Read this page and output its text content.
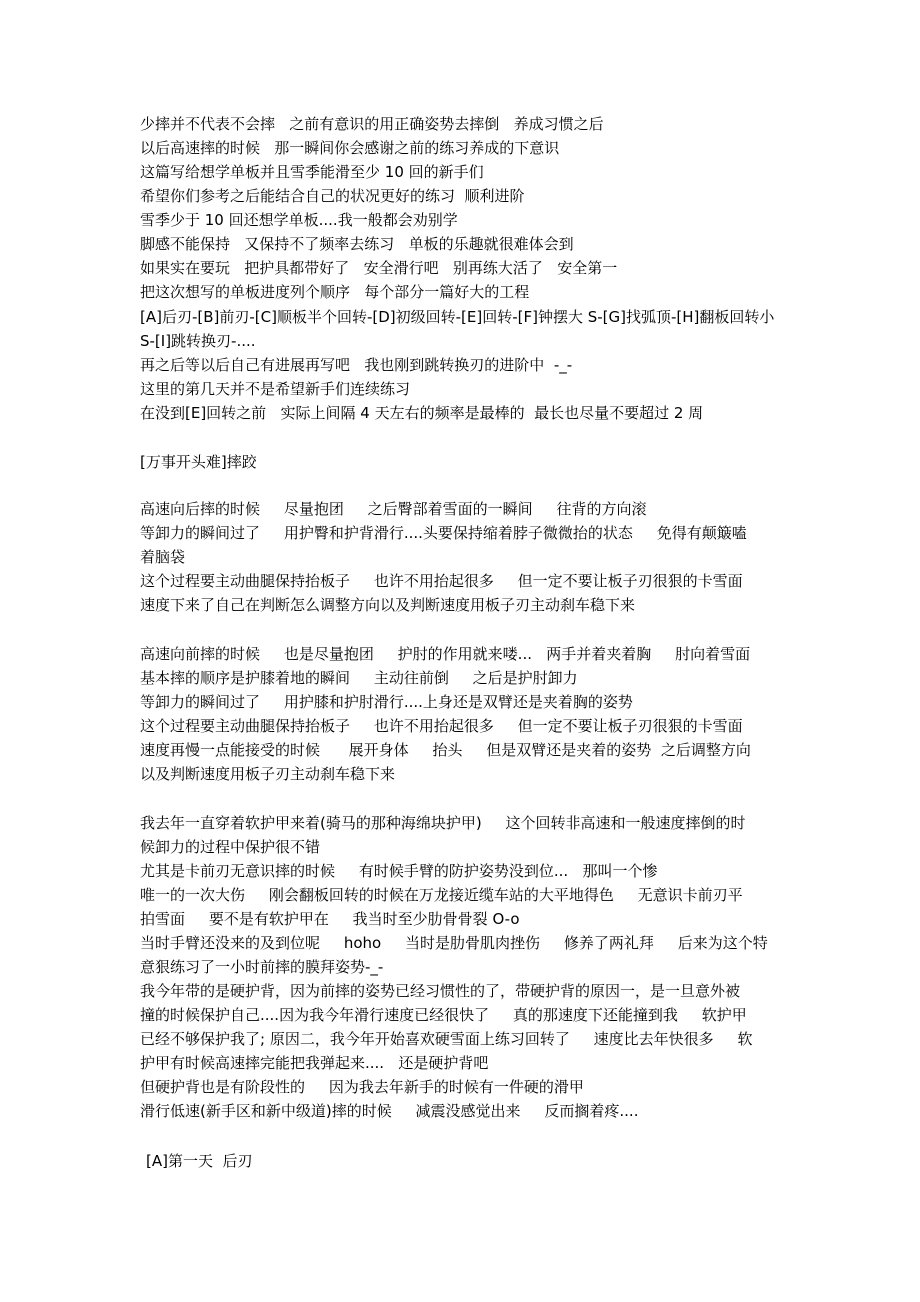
少摔并不代表不会摔   之前有意识的用正确姿势去摔倒   养成习惯之后
以后高速摔的时候   那一瞬间你会感谢之前的练习养成的下意识
这篇写给想学单板并且雪季能滑至少 10 回的新手们
希望你们参考之后能结合自己的状况更好的练习  顺利进阶
雪季少于 10 回还想学单板....我一般都会劝别学
脚感不能保持   又保持不了频率去练习   单板的乐趣就很难体会到
如果实在要玩   把护具都带好了   安全滑行吧   别再练大活了   安全第一
把这次想写的单板进度列个顺序   每个部分一篇好大的工程
[A]后刃-[B]前刃-[C]顺板半个回转-[D]初级回转-[E]回转-[F]钟摆大 S-[G]找弧顶-[H]翻板回转小
S-[I]跳转换刃-....
再之后等以后自己有进展再写吧   我也刚到跳转换刃的进阶中  -_-
这里的第几天并不是希望新手们连续练习
在没到[E]回转之前   实际上间隔 4 天左右的频率是最棒的  最长也尽量不要超过 2 周
[万事开头难]摔跤
高速向后摔的时候     尽量抱团     之后臀部着雪面的一瞬间     往背的方向滚
等卸力的瞬间过了     用护臀和护背滑行....头要保持缩着脖子微微抬的状态     免得有颠簸嗑
着脑袋
这个过程要主动曲腿保持抬板子     也许不用抬起很多     但一定不要让板子刃很狠的卡雪面
速度下来了自己在判断怎么调整方向以及判断速度用板子刃主动刹车稳下来
高速向前摔的时候     也是尽量抱团     护肘的作用就来喽...   两手并着夹着胸     肘向着雪面
基本摔的顺序是护膝着地的瞬间     主动往前倒     之后是护肘卸力
等卸力的瞬间过了     用护膝和护肘滑行....上身还是双臂还是夹着胸的姿势
这个过程要主动曲腿保持抬板子     也许不用抬起很多     但一定不要让板子刃很狠的卡雪面
速度再慢一点能接受的时候      展开身体     抬头     但是双臂还是夹着的姿势  之后调整方向
以及判断速度用板子刃主动刹车稳下来
我去年一直穿着软护甲来着(骑马的那种海绵块护甲)     这个回转非高速和一般速度摔倒的时
候卸力的过程中保护很不错
尤其是卡前刃无意识摔的时候     有时候手臂的防护姿势没到位...   那叫一个惨
唯一的一次大伤     刚会翻板回转的时候在万龙接近缆车站的大平地得色     无意识卡前刃平
拍雪面     要不是有软护甲在     我当时至少肋骨骨裂 O-o
当时手臂还没来的及到位呢     hoho     当时是肋骨肌肉挫伤     修养了两礼拜     后来为这个特
意狠练习了一小时前摔的膜拜姿势-_-
我今年带的是硬护背，因为前摔的姿势已经习惯性的了，带硬护背的原因一，是一旦意外被
撞的时候保护自己....因为我今年滑行速度已经很快了     真的那速度下还能撞到我     软护甲
已经不够保护我了; 原因二，我今年开始喜欢硬雪面上练习回转了     速度比去年快很多     软
护甲有时候高速摔完能把我弹起来....   还是硬护背吧
但硬护背也是有阶段性的     因为我去年新手的时候有一件硬的滑甲
滑行低速(新手区和新中级道)摔的时候     减震没感觉出来     反而搁着疼....
[A]第一天  后刃
